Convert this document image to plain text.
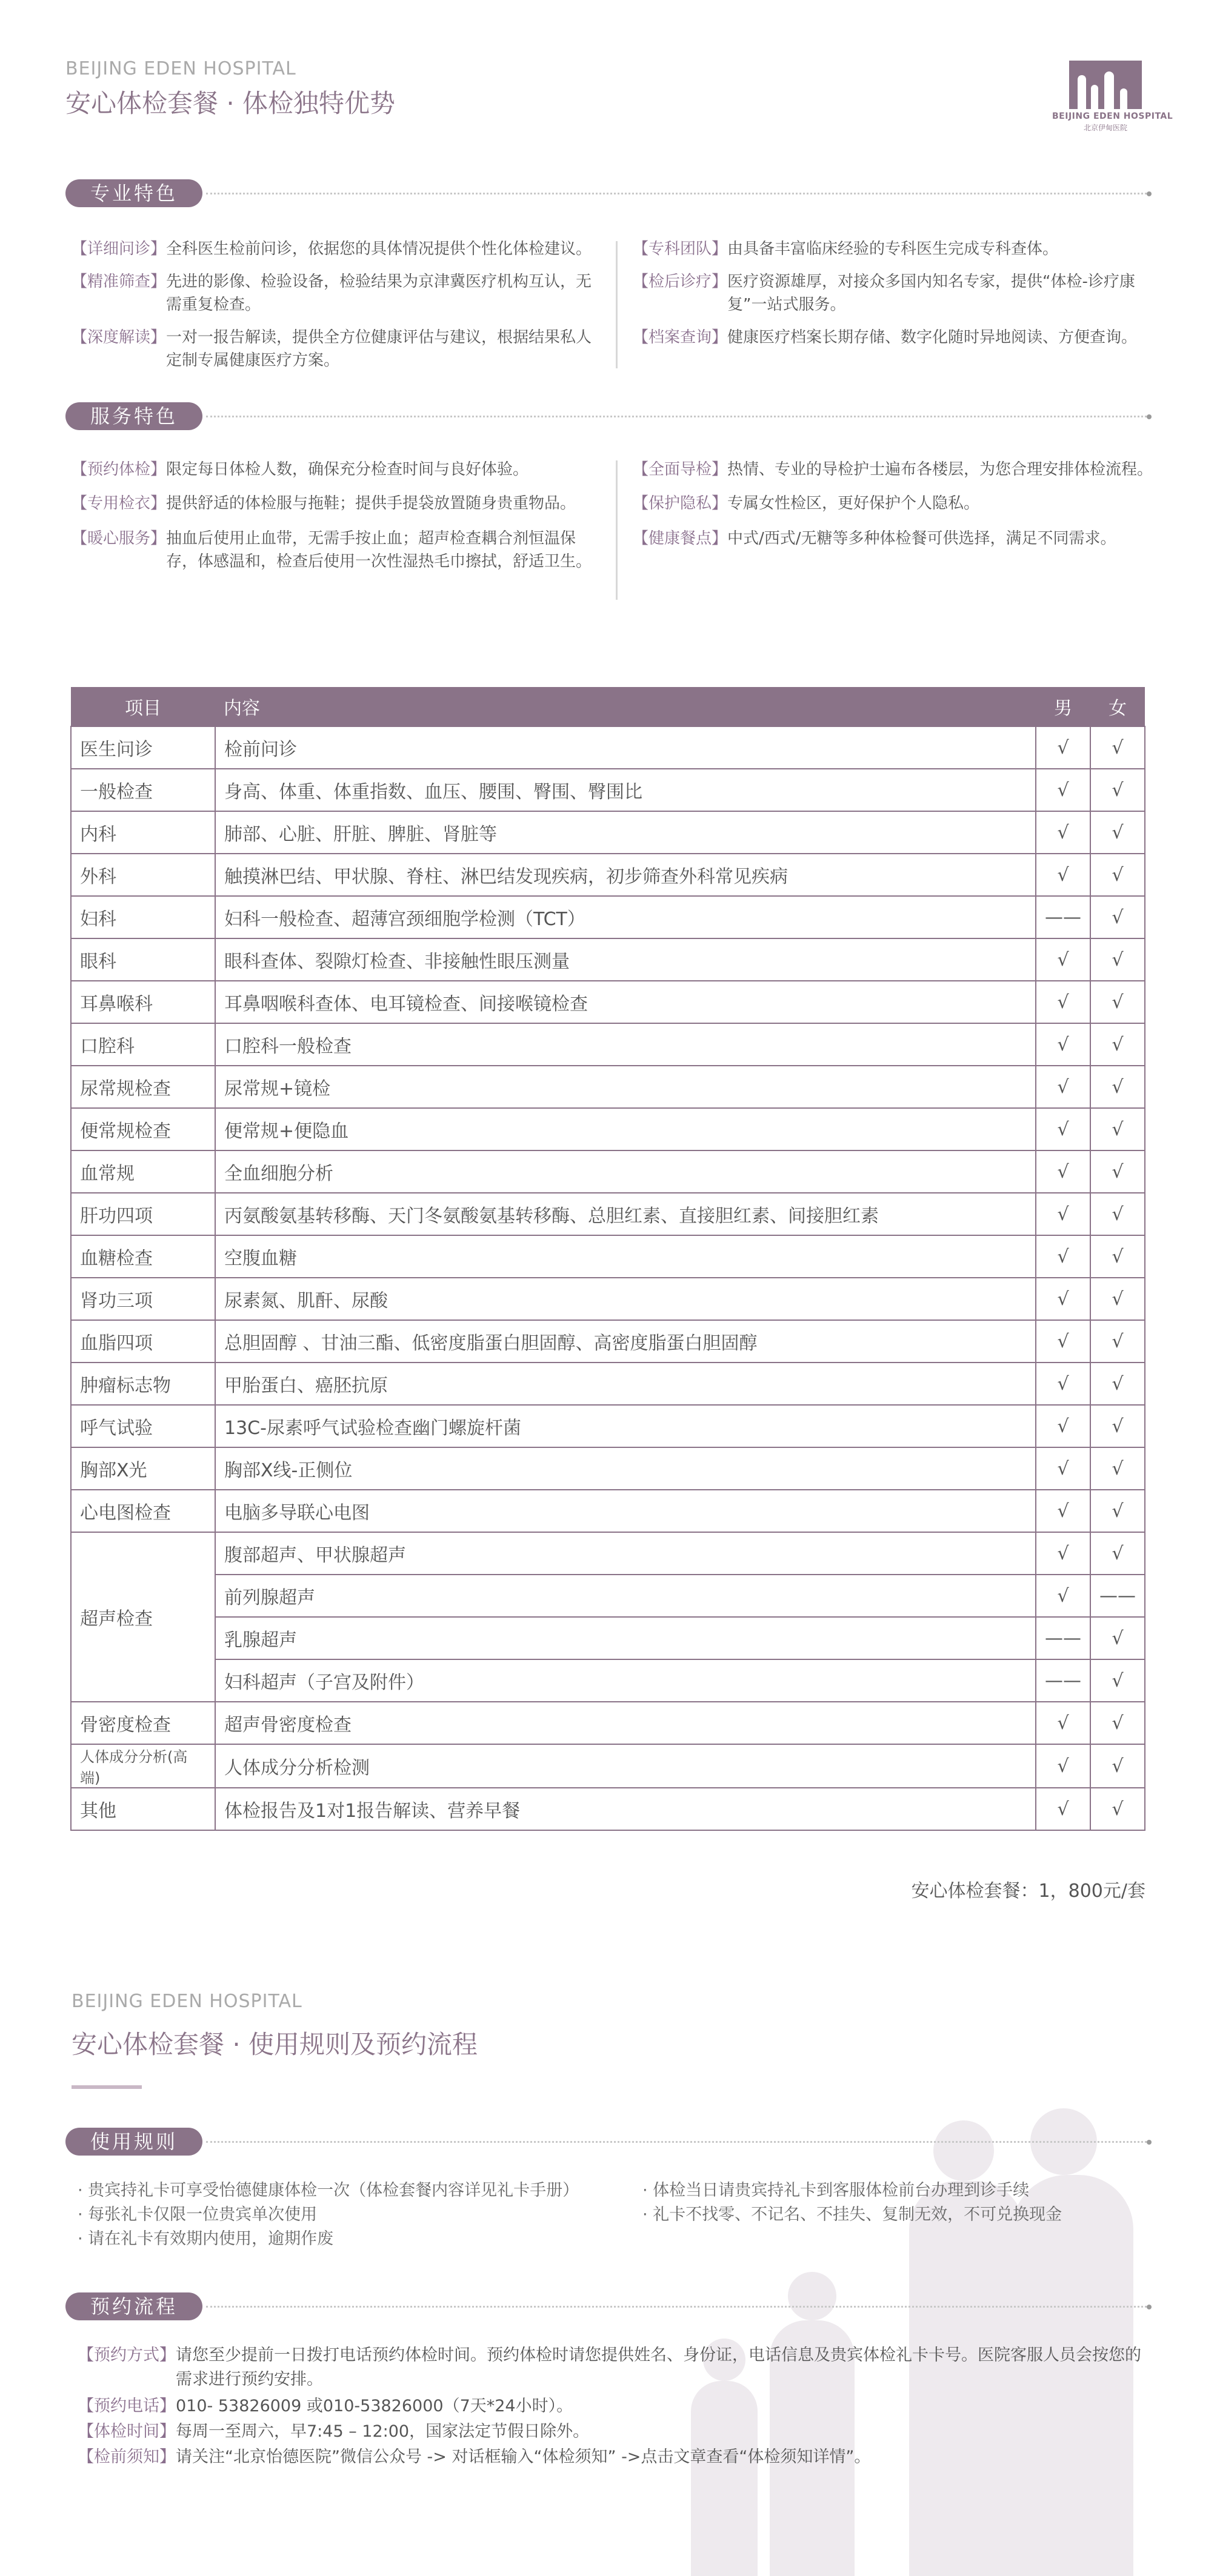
BEIJING EDEN HOSPITAL
安心体检套餐 · 体检独特优势	BEIJING EDEN HOSPITAL
北京伊甸医院
专业特色
【详细问诊】 全科医生检前问诊，依据您的具体情况提供个性化体检建议。
【精准筛查】 先进的影像、检验设备，检验结果为京津冀医疗机构互认，无需重复检查。
【深度解读】 一对一报告解读，提供全方位健康评估与建议，根据结果私人定制专属健康医疗方案。
【专科团队】 由具备丰富临床经验的专科医生完成专科查体。
【检后诊疗】 医疗资源雄厚，对接众多国内知名专家，提供“体检-诊疗康复”一站式服务。
【档案查询】 健康医疗档案长期存储、数字化随时异地阅读、方便查询。
服务特色
【预约体检】 限定每日体检人数，确保充分检查时间与良好体验。
【专用检衣】 提供舒适的体检服与拖鞋；提供手提袋放置随身贵重物品。
【暖心服务】 抽血后使用止血带，无需手按止血；超声检查耦合剂恒温保存，体感温和，检查后使用一次性湿热毛巾擦拭，舒适卫生。
【全面导检】 热情、专业的导检护士遍布各楼层，为您合理安排体检流程。
【保护隐私】 专属女性检区，更好保护个人隐私。
【健康餐点】 中式/西式/无糖等多种体检餐可供选择，满足不同需求。
项目	内容	男	女
医生问诊	检前问诊	√	√
一般检查	身高、体重、体重指数、血压、腰围、臀围、臀围比	√	√
内科	肺部、心脏、肝脏、脾脏、肾脏等	√	√
外科	触摸淋巴结、甲状腺、脊柱、淋巴结发现疾病，初步筛查外科常见疾病	√	√
妇科	妇科一般检查、超薄宫颈细胞学检测（TCT）	——	√
眼科	眼科查体、裂隙灯检查、非接触性眼压测量	√	√
耳鼻喉科	耳鼻咽喉科查体、电耳镜检查、间接喉镜检查	√	√
口腔科	口腔科一般检查	√	√
尿常规检查	尿常规+镜检	√	√
便常规检查	便常规+便隐血	√	√
血常规	全血细胞分析	√	√
肝功四项	丙氨酸氨基转移酶、天门冬氨酸氨基转移酶、总胆红素、直接胆红素、间接胆红素	√	√
血糖检查	空腹血糖	√	√
肾功三项	尿素氮、肌酐、尿酸	√	√
血脂四项	总胆固醇 、甘油三酯、低密度脂蛋白胆固醇、高密度脂蛋白胆固醇	√	√
肿瘤标志物	甲胎蛋白、癌胚抗原	√	√
呼气试验	13C-尿素呼气试验检查幽门螺旋杆菌	√	√
胸部X光	胸部X线-正侧位	√	√
心电图检查	电脑多导联心电图	√	√
超声检查	腹部超声、甲状腺超声	√	√
	前列腺超声	√	——
	乳腺超声	——	√
	妇科超声（子宫及附件）	——	√
骨密度检查	超声骨密度检查	√	√
人体成分分析(高端)	人体成分分析检测	√	√
其他	体检报告及1对1报告解读、营养早餐	√	√
安心体检套餐：1，800元/套
BEIJING EDEN HOSPITAL
安心体检套餐 · 使用规则及预约流程
使用规则
· 贵宾持礼卡可享受怡德健康体检一次（体检套餐内容详见礼卡手册）
· 每张礼卡仅限一位贵宾单次使用
· 请在礼卡有效期内使用，逾期作废
· 体检当日请贵宾持礼卡到客服体检前台办理到诊手续
· 礼卡不找零、不记名、不挂失、复制无效，不可兑换现金
预约流程
【预约方式】 请您至少提前一日拨打电话预约体检时间。预约体检时请您提供姓名、身份证，电话信息及贵宾体检礼卡卡号。医院客服人员会按您的需求进行预约安排。
【预约电话】 010- 53826009 或010-53826000（7天*24小时）。
【体检时间】 每周一至周六，早7:45 – 12:00，国家法定节假日除外。
【检前须知】 请关注“北京怡德医院”微信公众号 -> 对话框输入“体检须知” ->点击文章查看“体检须知详情”。
